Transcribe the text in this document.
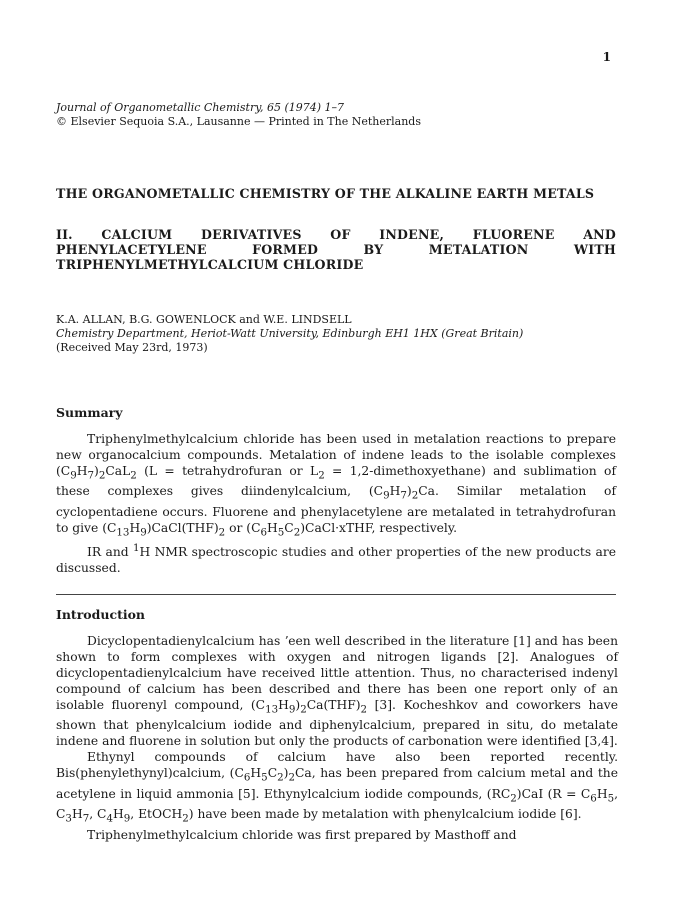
1
Journal of Organometallic Chemistry, 65 (1974) 1–7
© Elsevier Sequoia S.A., Lausanne — Printed in The Netherlands
THE ORGANOMETALLIC CHEMISTRY OF THE ALKALINE EARTH METALS
II. CALCIUM DERIVATIVES OF INDENE, FLUORENE AND PHENYLACETYLENE FORMED BY METALATION WITH TRIPHENYLMETHYLCALCIUM CHLORIDE
K.A. ALLAN, B.G. GOWENLOCK and W.E. LINDSELL
Chemistry Department, Heriot-Watt University, Edinburgh EH1 1HX (Great Britain)
(Received May 23rd, 1973)
Summary

Triphenylmethylcalcium chloride has been used in metalation reactions to prepare new organocalcium compounds. Metalation of indene leads to the isolable complexes $(C_9H_7)_2CaL_2$ (L = tetrahydrofuran or $L_2$ = 1,2-dimethoxyethane) and sublimation of these complexes gives diindenylcalcium, $(C_9H_7)_2Ca$. Similar metalation of cyclopentadiene occurs. Fluorene and phenylacetylene are metalated in tetrahydrofuran to give $(C_{13}H_9)CaCl(THF)_2$ or $(C_6H_5C_2)CaCl\cdot xTHF$, respectively.

IR and $^1$H NMR spectroscopic studies and other properties of the new products are discussed.

Introduction

Dicyclopentadienylcalcium has ʼeen well described in the literature [1] and has been shown to form complexes with oxygen and nitrogen ligands [2]. Analogues of dicyclopentadienylcalcium have received little attention. Thus, no characterised indenyl compound of calcium has been described and there has been one report only of an isolable fluorenyl compound, $(C_{13}H_9)_2Ca(THF)_2$ [3]. Kocheshkov and coworkers have shown that phenylcalcium iodide and diphenylcalcium, prepared in situ, do metalate indene and fluorene in solution but only the products of carbonation were identified [3,4].

Ethynyl compounds of calcium have also been reported recently. Bis(phenylethynyl)calcium, $(C_6H_5C_2)_2Ca$, has been prepared from calcium metal and the acetylene in liquid ammonia [5]. Ethynylcalcium iodide compounds, $(RC_2)CaI$ ($R = C_6H_5$, $C_3H_7$, $C_4H_9$, EtOCH$_2$) have been made by metalation with phenylcalcium iodide [6].

Triphenylmethylcalcium chloride was first prepared by Masthoff and
